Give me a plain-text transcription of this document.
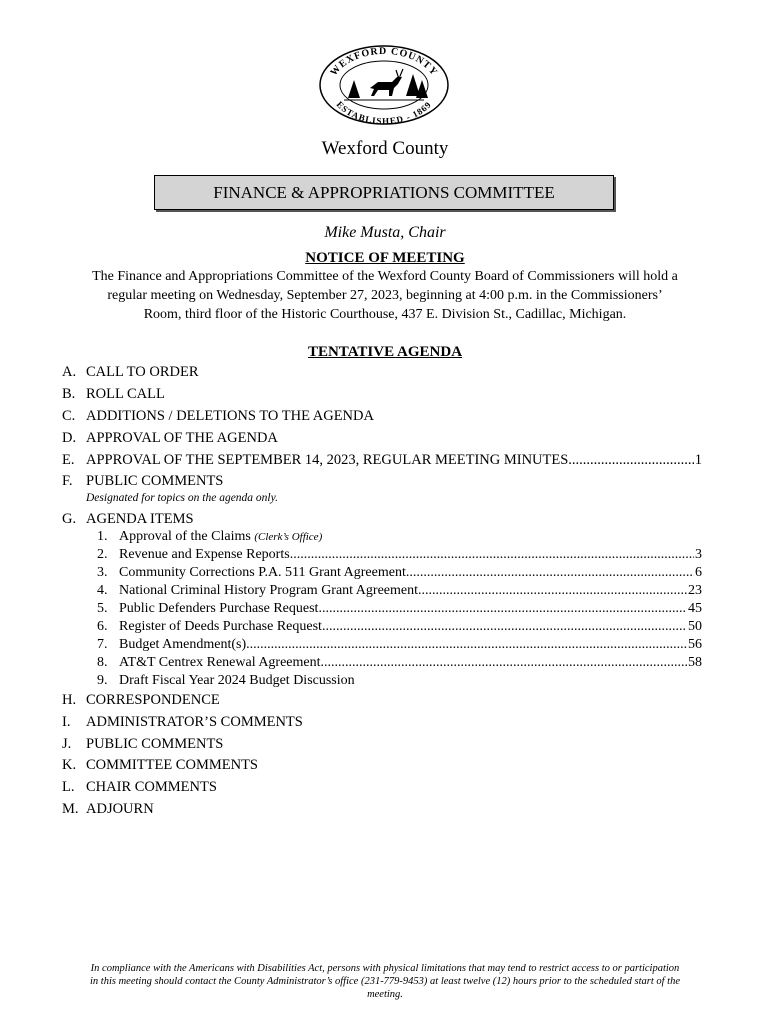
WEXFORD COUNTY
ESTABLISHED - 1869
Wexford County
FINANCE & APPROPRIATIONS COMMITTEE
Mike Musta, Chair
NOTICE OF MEETING
The Finance and Appropriations Committee of the Wexford County Board of Commissioners will hold a
regular meeting on Wednesday, September 27, 2023, beginning at 4:00 p.m. in the Commissioners’
Room, third floor of the Historic Courthouse, 437 E. Division St., Cadillac, Michigan.
TENTATIVE AGENDA
A. CALL TO ORDER
B. ROLL CALL
C. ADDITIONS / DELETIONS TO THE AGENDA
D. APPROVAL OF THE AGENDA
E. APPROVAL OF THE SEPTEMBER 14, 2023, REGULAR MEETING MINUTES .....	1
F. PUBLIC COMMENTS
Designated for topics on the agenda only.
G. AGENDA ITEMS
1. Approval of the Claims (Clerk’s Office)
2. Revenue and Expense Reports .....	3
3. Community Corrections P.A. 511 Grant Agreement .....	6
4. National Criminal History Program Grant Agreement .....	23
5. Public Defenders Purchase Request .....	45
6. Register of Deeds Purchase Request .....	50
7. Budget Amendment(s) .....	56
8. AT&T Centrex Renewal Agreement .....	58
9. Draft Fiscal Year 2024 Budget Discussion
H. CORRESPONDENCE
I. ADMINISTRATOR’S COMMENTS
J. PUBLIC COMMENTS
K. COMMITTEE COMMENTS
L. CHAIR COMMENTS
M. ADJOURN
In compliance with the Americans with Disabilities Act, persons with physical limitations that may tend to restrict access to or participation
in this meeting should contact the County Administrator’s office (231-779-9453) at least twelve (12) hours prior to the scheduled start of the
meeting.
